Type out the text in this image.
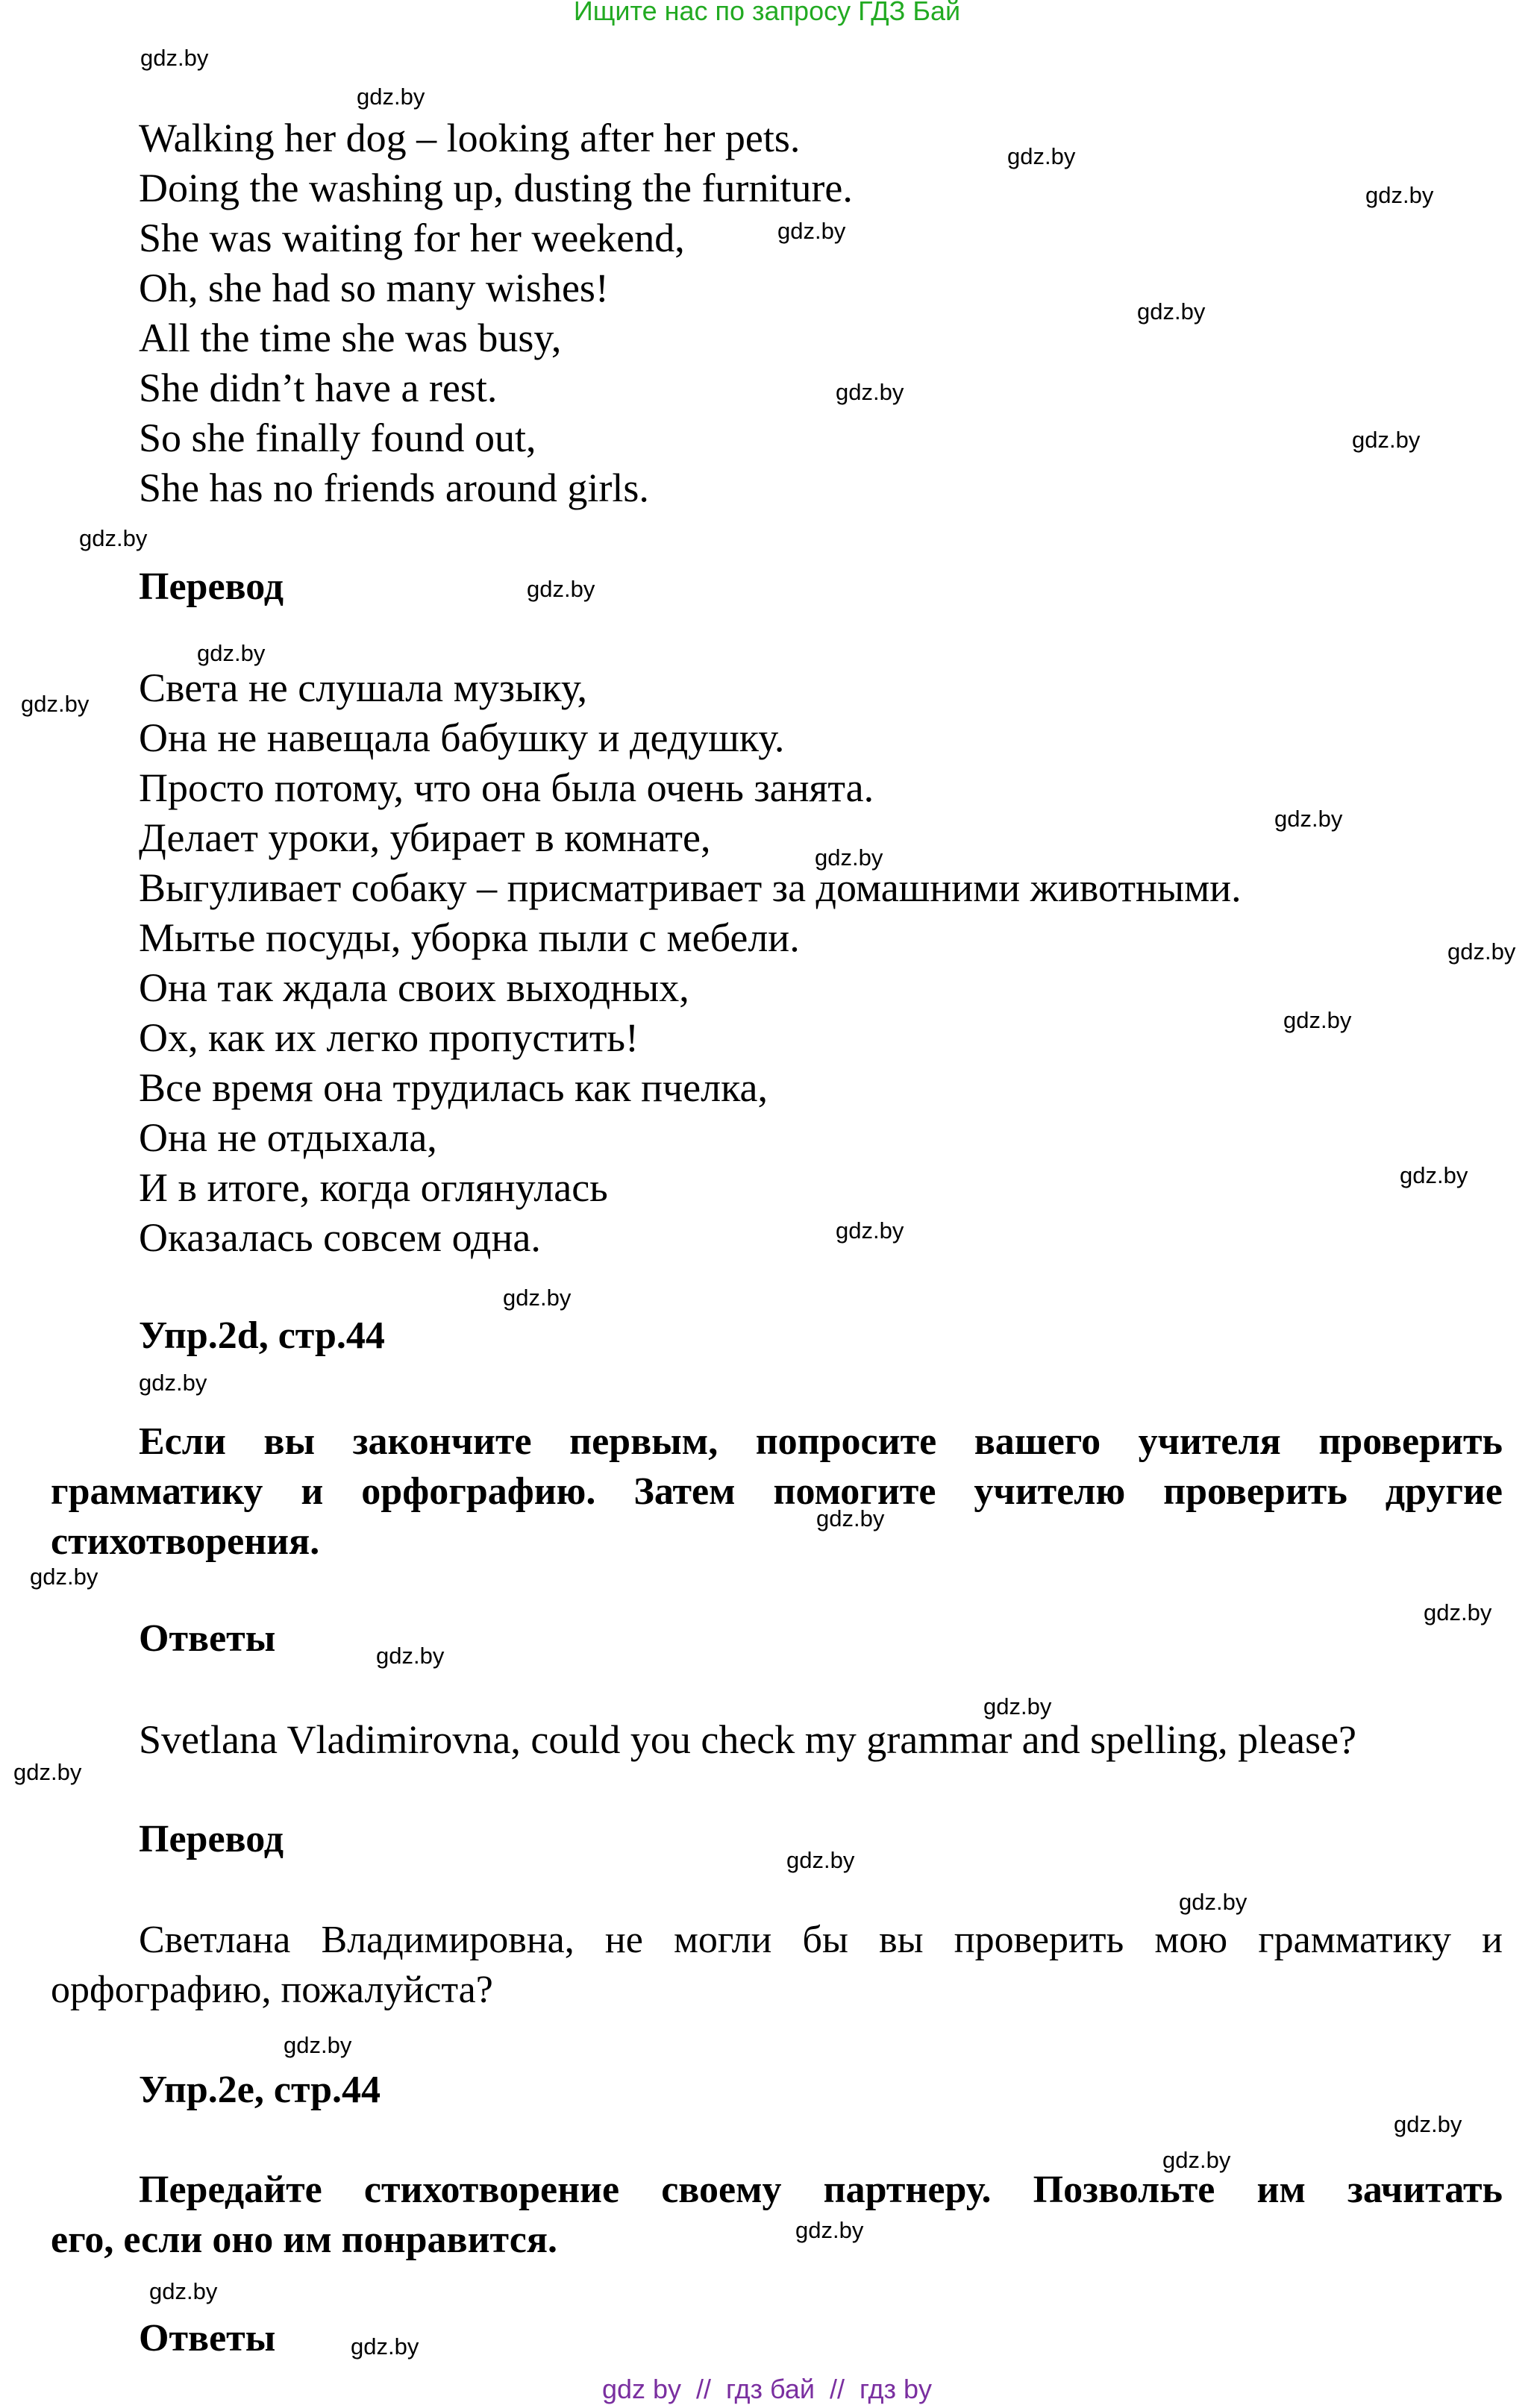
Ищите нас по запросу ГДЗ Бай
Walking her dog – looking after her pets.
Doing the washing up, dusting the furniture.
She was waiting for her weekend,
Oh, she had so many wishes!
All the time she was busy,
She didn’t have a rest.
So she finally found out,
She has no friends around girls.
Перевод
Света не слушала музыку,
Она не навещала бабушку и дедушку.
Просто потому, что она была очень занята.
Делает уроки, убирает в комнате,
Выгуливает собаку – присматривает за домашними животными.
Мытье посуды, уборка пыли с мебели.
Она так ждала своих выходных,
Ох, как их легко пропустить!
Все время она трудилась как пчелка,
Она не отдыхала,
И в итоге, когда оглянулась
Оказалась совсем одна.
Упр.2d, стр.44
Если вы закончите первым, попросите вашего учителя проверить
грамматику и орфографию. Затем помогите учителю проверить другие
стихотворения.
Ответы
Svetlana Vladimirovna, could you check my grammar and spelling, please?
Перевод
Светлана Владимировна, не могли бы вы проверить мою грамматику и
орфографию, пожалуйста?
Упр.2e, стр.44
Передайте стихотворение своему партнеру. Позвольте им зачитать
его, если оно им понравится.
Ответы
gdz.by
gdz.by
gdz.by
gdz.by
gdz.by
gdz.by
gdz.by
gdz.by
gdz.by
gdz.by
gdz.by
gdz.by
gdz.by
gdz.by
gdz.by
gdz.by
gdz.by
gdz.by
gdz.by
gdz.by
gdz.by
gdz.by
gdz.by
gdz.by
gdz.by
gdz.by
gdz.by
gdz.by
gdz.by
gdz.by
gdz.by
gdz.by
gdz.by
gdz.by
gdz by  //  гдз бай  //  гдз by
